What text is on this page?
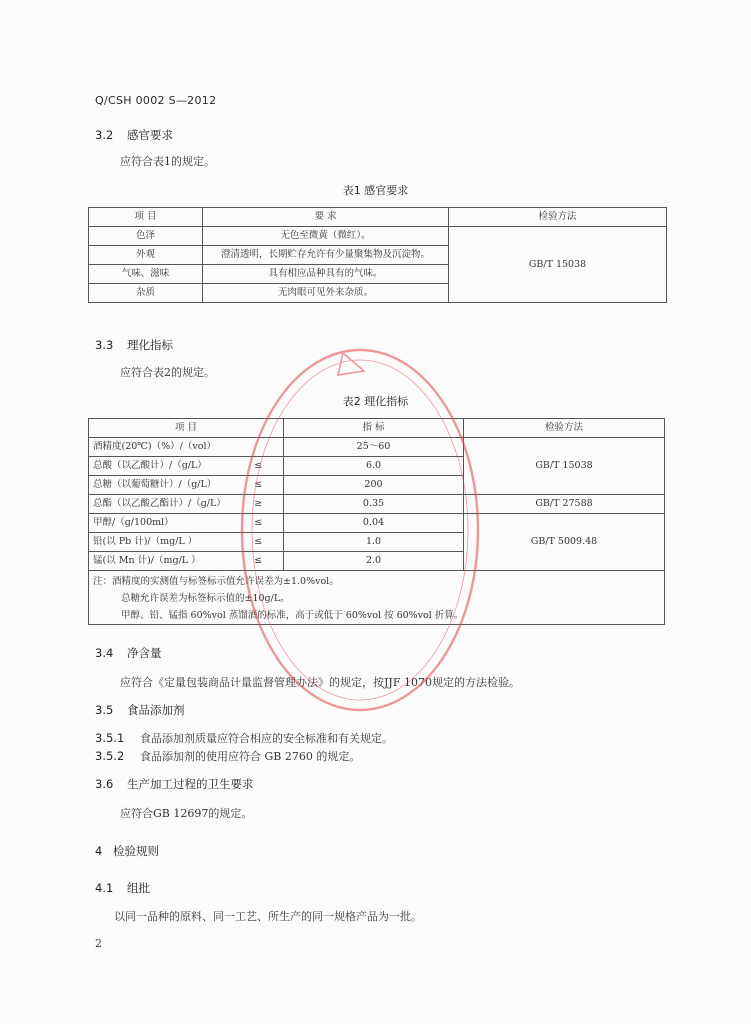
Q/CSH 0002 S—2012
3.2 感官要求
应符合表1的规定。
表1 感官要求
项 目	要 求	检验方法
色泽	无色至微黄（微红）。	GB/T 15038
外观	澄清透明，长期贮存允许有少量聚集物及沉淀物。	
气味、滋味	具有相应品种具有的气味。	
杂质	无肉眼可见外来杂质。	
3.3 理化指标
应符合表2的规定。
表2 理化指标
项 目		指 标	检验方法
酒精度(20℃)（%）/（vol）		25～60	GB/T 15038
总酸（以乙酸计）/（g/L）	≤	6.0	
总糖（以葡萄糖计）/（g/L）	≤	200	
总酯（以乙酸乙酯计）/（g/L）	≥	0.35	GB/T 27588
甲醇/（g/100ml）	≤	0.04	GB/T 5009.48
铅(以 Pb 计)/（mg/L ）	≤	1.0	
锰(以 Mn 计)/（mg/L ）	≤	2.0	

注：酒精度的实测值与标签标示值允许误差为±1.0%vol。
总糖允许误差为标签标示值的±10g/L。
甲醇、铅、锰指 60%vol 蒸馏酒的标准，高于或低于 60%vol 按 60%vol 折算。			
3.4 净含量
应符合《定量包装商品计量监督管理办法》的规定，按JJF 1070规定的方法检验。
3.5 食品添加剂
3.5.1 食品添加剂质量应符合相应的安全标准和有关规定。
3.5.2 食品添加剂的使用应符合 GB 2760 的规定。
3.6 生产加工过程的卫生要求
应符合GB 12697的规定。
4 检验规则
4.1 组批
以同一品种的原料、同一工艺、所生产的同一规格产品为一批。
2
